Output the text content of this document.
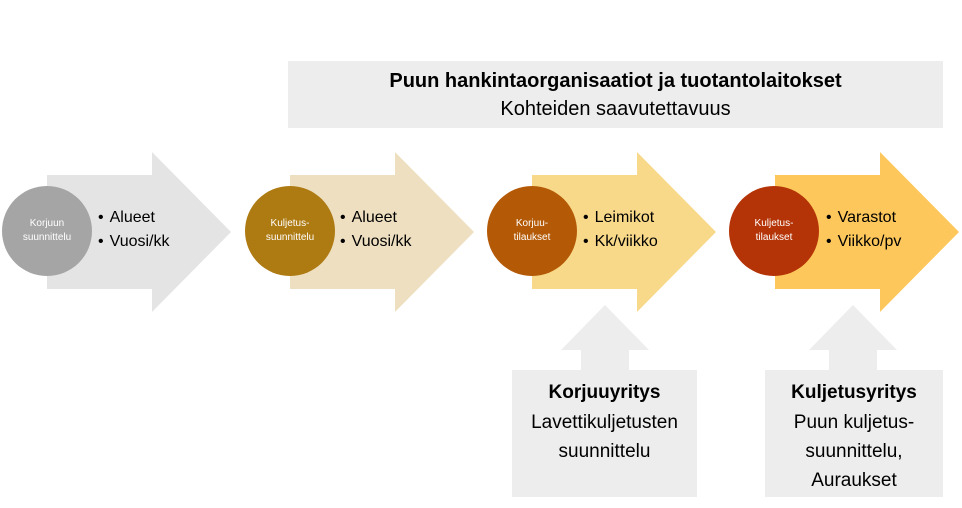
Puun hankintaorganisaatiot ja tuotantolaitokset
Kohteiden saavutettavuus
Korjuun
suunnittelu
• Alueet
• Vuosi/kk
Kuljetus-
suunnittelu
• Alueet
• Vuosi/kk
Korjuu-
tilaukset
• Leimikot
• Kk/viikko
Kuljetus-
tilaukset
• Varastot
• Viikko/pv
Korjuuyritys
Lavettikuljetusten
suunnittelu
Kuljetusyritys
Puun kuljetus-
suunnittelu,
Auraukset
